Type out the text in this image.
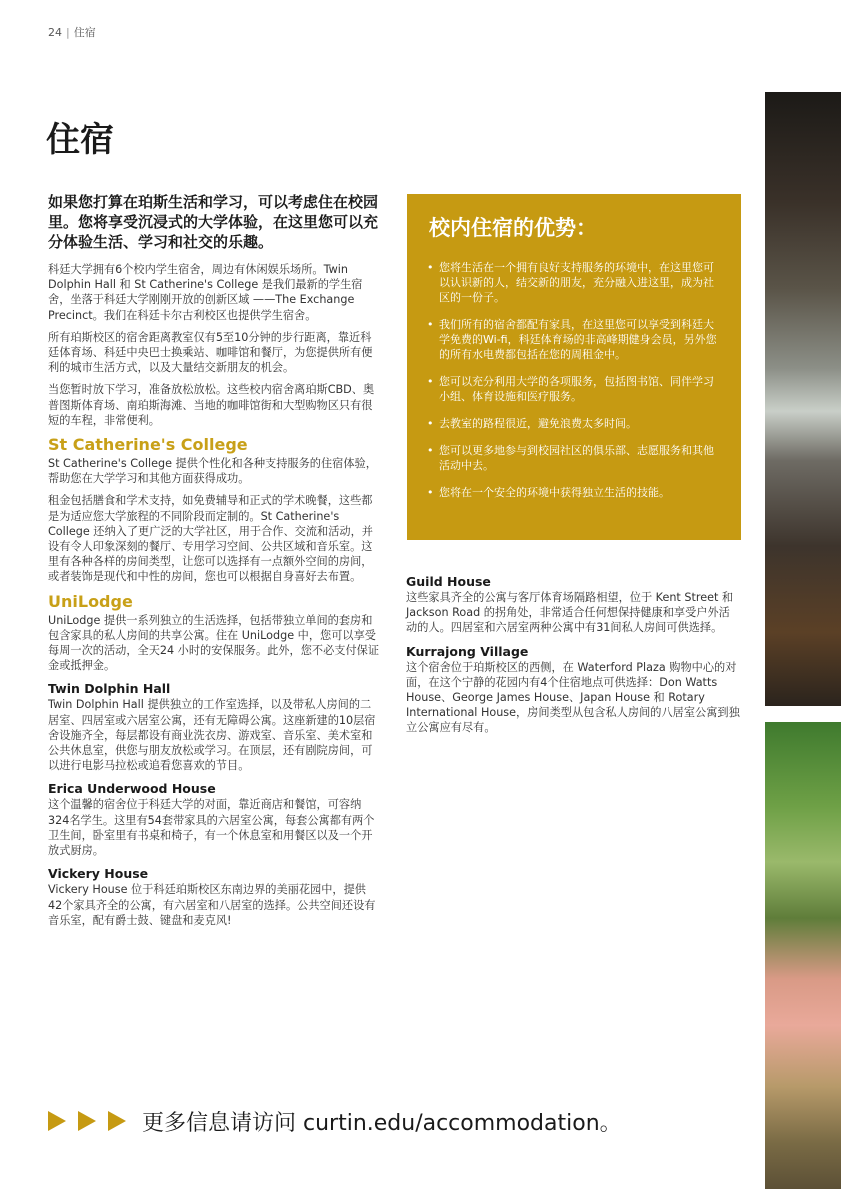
24 | 住宿
住宿

如果您打算在珀斯生活和学习，可以考虑住在校园里。您将享受沉浸式的大学体验，在这里您可以充分体验生活、学习和社交的乐趣。

科廷大学拥有6个校内学生宿舍，周边有休闲娱乐场所。Twin Dolphin Hall 和 St Catherine's College 是我们最新的学生宿舍，坐落于科廷大学刚刚开放的创新区域 ——The Exchange Precinct。我们在科廷卡尔古利校区也提供学生宿舍。

所有珀斯校区的宿舍距离教室仅有5至10分钟的步行距离，靠近科廷体育场、科廷中央巴士换乘站、咖啡馆和餐厅，为您提供所有便利的城市生活方式，以及大量结交新朋友的机会。

当您暂时放下学习，准备放松放松。这些校内宿舍离珀斯CBD、奥普图斯体育场、南珀斯海滩、当地的咖啡馆街和大型购物区只有很短的车程，非常便利。

St Catherine's College

St Catherine's College 提供个性化和各种支持服务的住宿体验，帮助您在大学学习和其他方面获得成功。

租金包括膳食和学术支持，如免费辅导和正式的学术晚餐，这些都是为适应您大学旅程的不同阶段而定制的。St Catherine's College 还纳入了更广泛的大学社区，用于合作、交流和活动，并设有令人印象深刻的餐厅、专用学习空间、公共区域和音乐室。这里有各种各样的房间类型，让您可以选择有一点额外空间的房间，或者装饰是现代和中性的房间，您也可以根据自身喜好去布置。

UniLodge

UniLodge 提供一系列独立的生活选择，包括带独立单间的套房和包含家具的私人房间的共享公寓。住在 UniLodge 中，您可以享受每周一次的活动，全天24 小时的安保服务。此外，您不必支付保证金或抵押金。

Twin Dolphin Hall

Twin Dolphin Hall 提供独立的工作室选择，以及带私人房间的二居室、四居室或六居室公寓，还有无障碍公寓。这座新建的10层宿舍设施齐全，每层都设有商业洗衣房、游戏室、音乐室、美术室和公共休息室，供您与朋友放松或学习。在顶层，还有剧院房间，可以进行电影马拉松或追看您喜欢的节目。

Erica Underwood House

这个温馨的宿舍位于科廷大学的对面，靠近商店和餐馆，可容纳324名学生。这里有54套带家具的六居室公寓，每套公寓都有两个卫生间，卧室里有书桌和椅子，有一个休息室和用餐区以及一个开放式厨房。

Vickery House

Vickery House 位于科廷珀斯校区东南边界的美丽花园中，提供42个家具齐全的公寓，有六居室和八居室的选择。公共空间还设有音乐室，配有爵士鼓、键盘和麦克风!

校内住宿的优势：
• 您将生活在一个拥有良好支持服务的环境中，在这里您可以认识新的人，结交新的朋友，充分融入进这里，成为社区的一份子。
• 我们所有的宿舍都配有家具，在这里您可以享受到科廷大学免费的Wi-fi，科廷体育场的非高峰期健身会员，另外您的所有水电费都包括在您的周租金中。
• 您可以充分利用大学的各项服务，包括图书馆、同伴学习小组、体育设施和医疗服务。
• 去教室的路程很近，避免浪费太多时间。
• 您可以更多地参与到校园社区的俱乐部、志愿服务和其他活动中去。
• 您将在一个安全的环境中获得独立生活的技能。
Guild House

这些家具齐全的公寓与客厅体育场隔路相望，位于 Kent Street 和 Jackson Road 的拐角处，非常适合任何想保持健康和享受户外活动的人。四居室和六居室两种公寓中有31间私人房间可供选择。

Kurrajong Village

这个宿舍位于珀斯校区的西侧，在 Waterford Plaza 购物中心的对面，在这个宁静的花园内有4个住宿地点可供选择：Don Watts House、George James House、Japan House 和 Rotary International House，房间类型从包含私人房间的八居室公寓到独立公寓应有尽有。

更多信息请访问 curtin.edu/accommodation。
